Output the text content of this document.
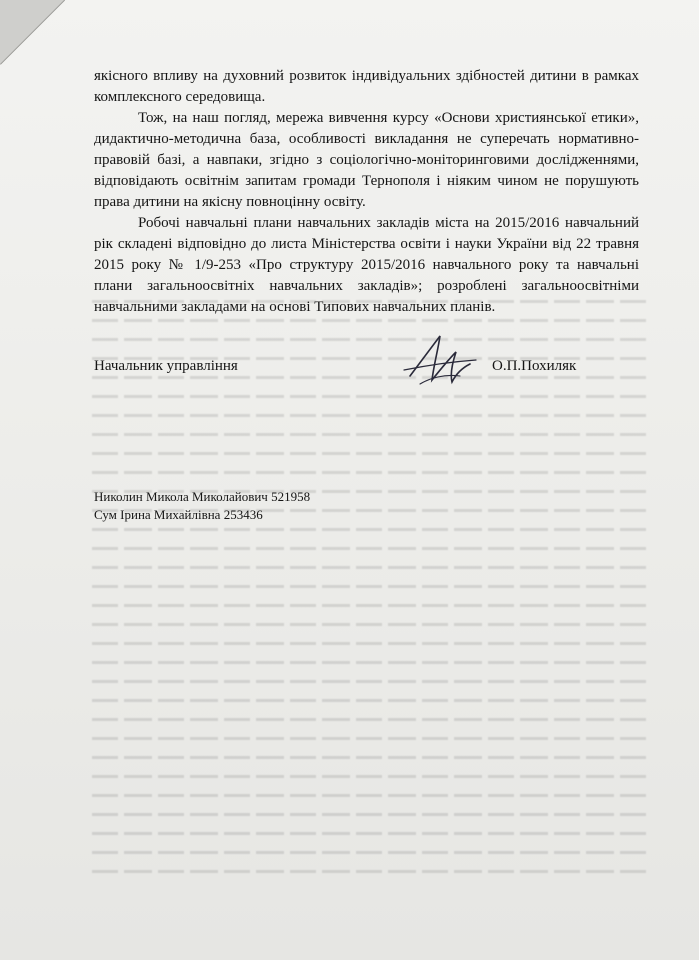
якісного впливу на духовний розвиток індивідуальних здібностей дитини в рамках комплексного середовища.

Тож, на наш погляд, мережа вивчення курсу «Основи християнської етики», дидактично-методична база, особливості викладання не суперечать нормативно-правовій базі, а навпаки, згідно з соціологічно-моніторинговими дослідженнями, відповідають освітнім запитам громади Тернополя і ніяким чином не порушують права дитини на якісну повноцінну освіту.

Робочі навчальні плани навчальних закладів міста на 2015/2016 навчальний рік складені відповідно до листа Міністерства освіти і науки України від 22 травня 2015 року № 1/9-253 «Про структуру 2015/2016 навчального року та навчальні плани загальноосвітніх навчальних закладів»; розроблені загальноосвітніми навчальними закладами на основі Типових навчальних планів.

Начальник управління	О.П.Похиляк
Николин Микола Миколайович 521958
Сум Ірина Михайлівна 253436
